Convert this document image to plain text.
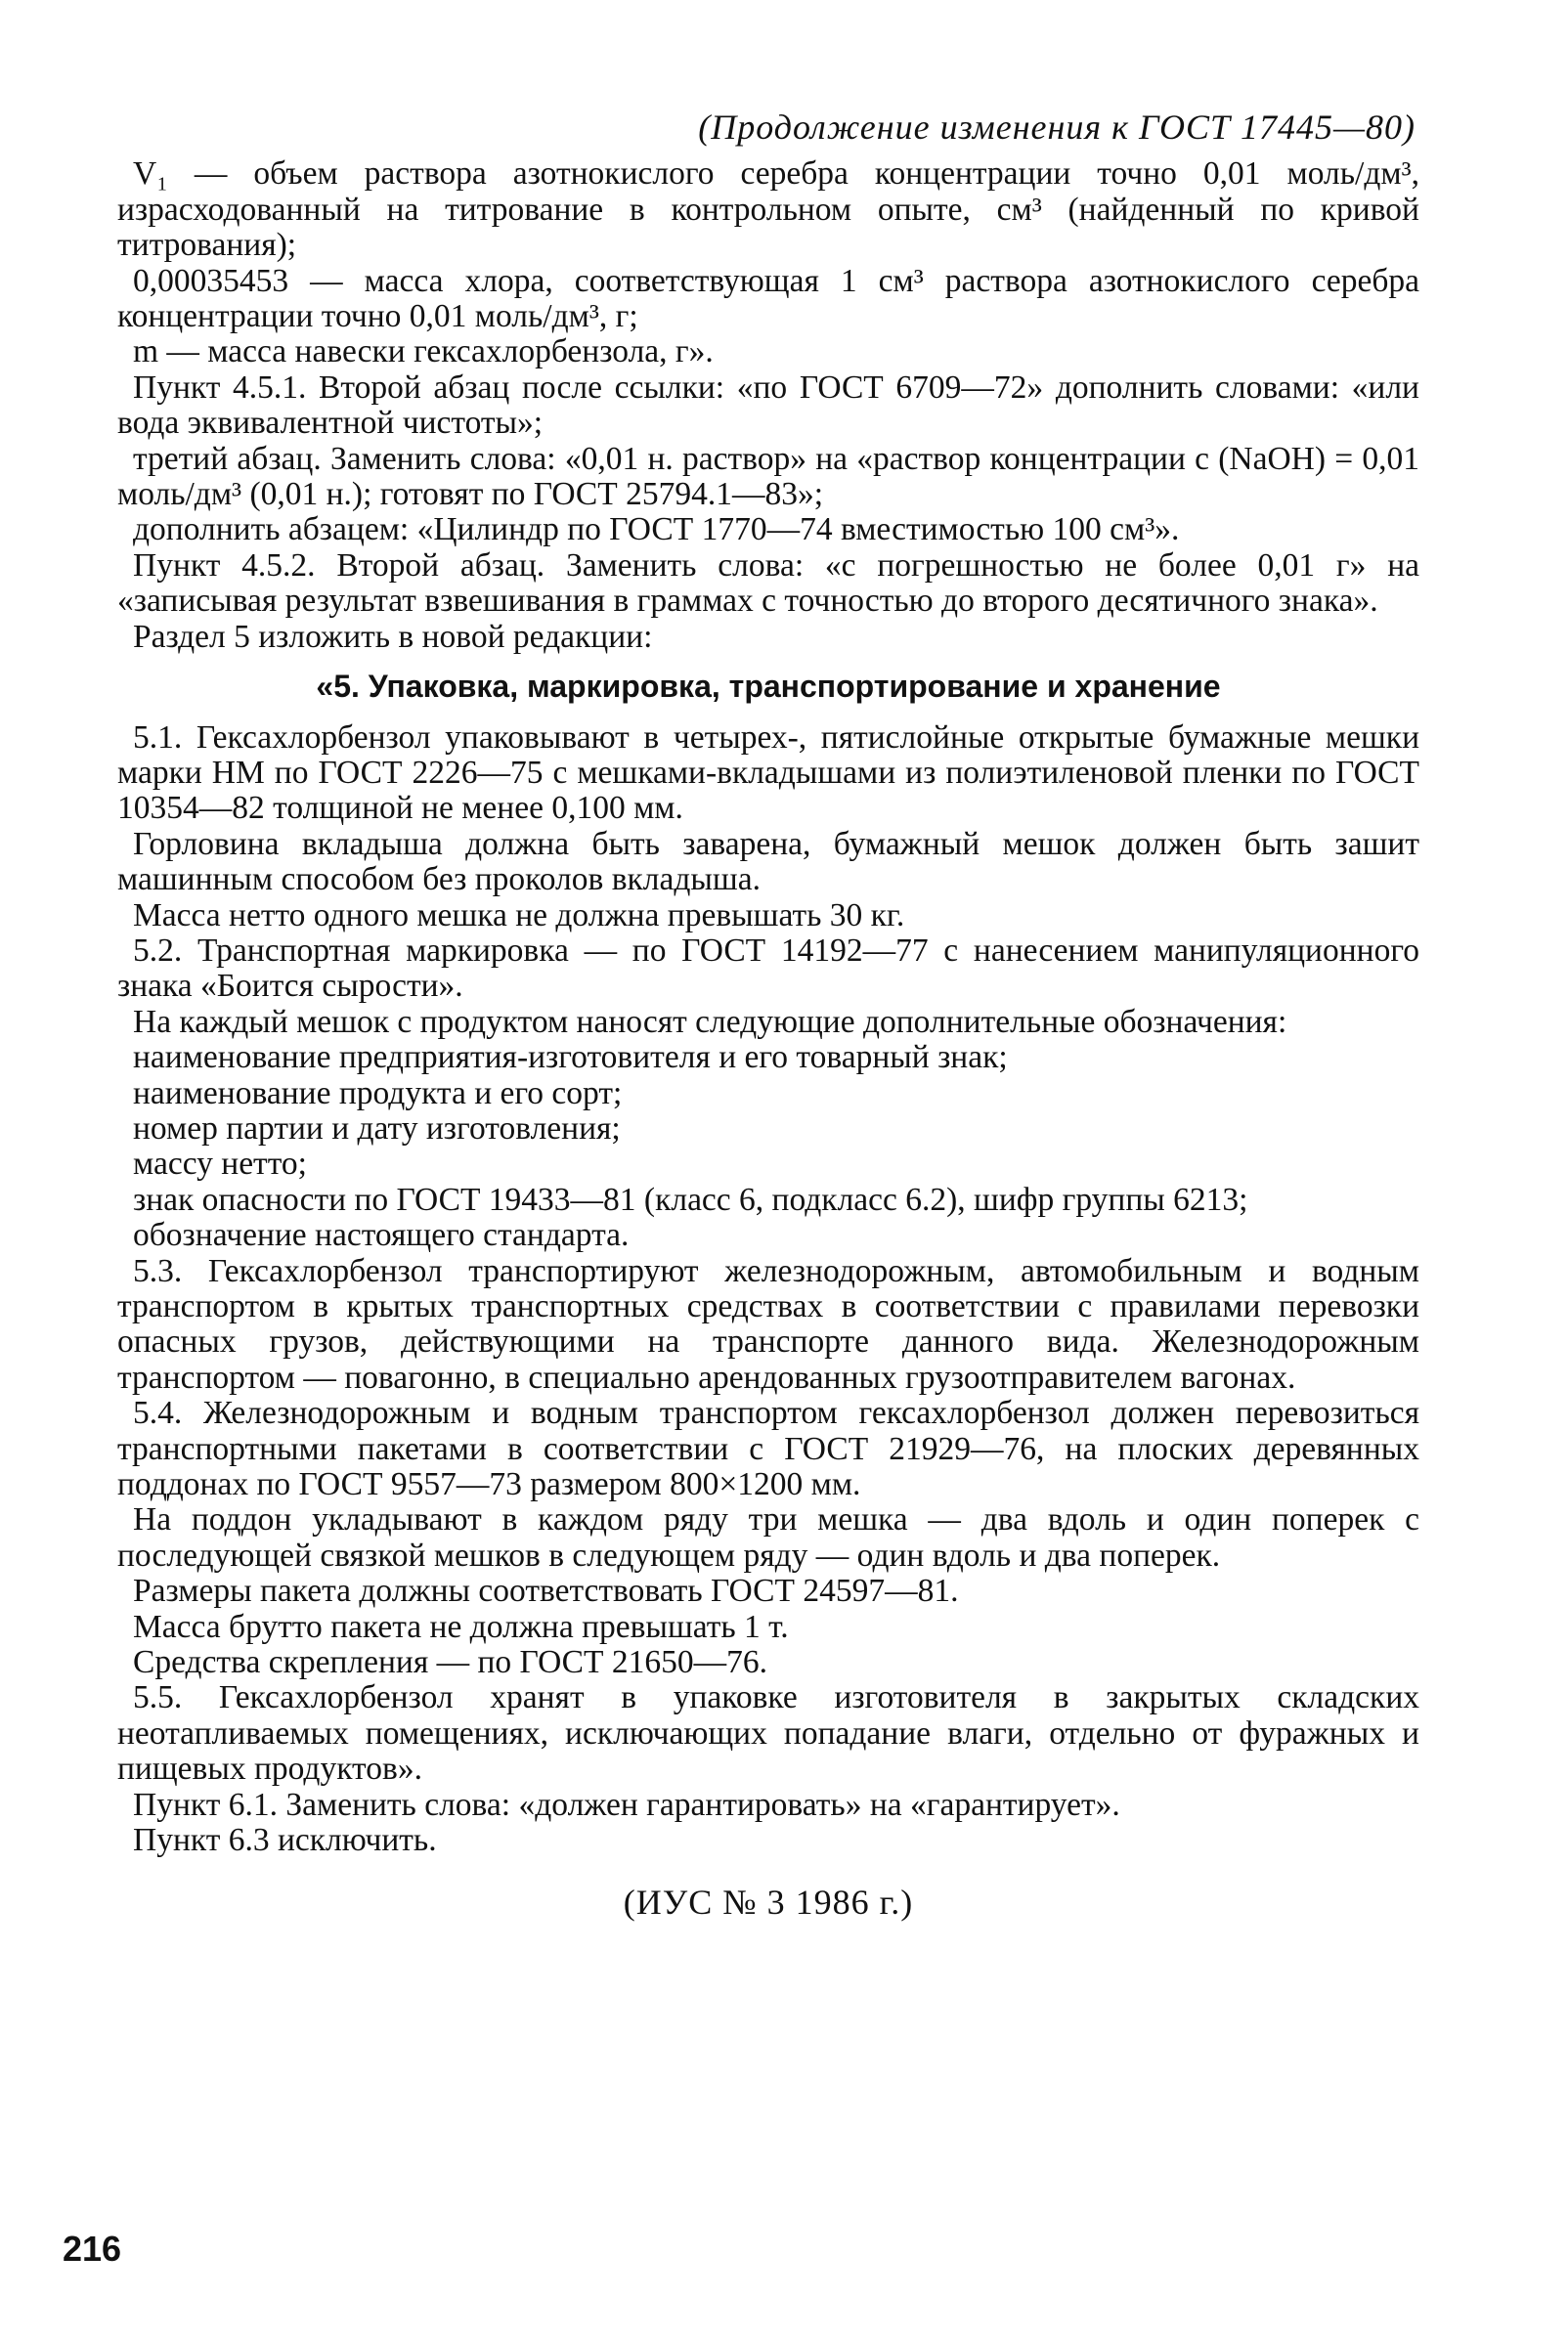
(Продолжение изменения к ГОСТ 17445—80)

V₁ — объем раствора азотнокислого серебра концентрации точно 0,01 моль/дм³, израсходованный на титрование в контрольном опыте, см³ (найденный по кривой титрования);

0,00035453 — масса хлора, соответствующая 1 см³ раствора азотнокислого серебра концентрации точно 0,01 моль/дм³, г;

m — масса навески гексахлорбензола, г».

Пункт 4.5.1. Второй абзац после ссылки: «по ГОСТ 6709—72» дополнить словами: «или вода эквивалентной чистоты»;

третий абзац. Заменить слова: «0,01 н. раствор» на «раствор концентрации с (NaOH) = 0,01 моль/дм³ (0,01 н.); готовят по ГОСТ 25794.1—83»;

дополнить абзацем: «Цилиндр по ГОСТ 1770—74 вместимостью 100 см³».

Пункт 4.5.2. Второй абзац. Заменить слова: «с погрешностью не более 0,01 г» на «записывая результат взвешивания в граммах с точностью до второго десятичного знака».

Раздел 5 изложить в новой редакции:

«5. Упаковка, маркировка, транспортирование и хранение

5.1. Гексахлорбензол упаковывают в четырех-, пятислойные открытые бумажные мешки марки НМ по ГОСТ 2226—75 с мешками-вкладышами из полиэтиленовой пленки по ГОСТ 10354—82 толщиной не менее 0,100 мм.

Горловина вкладыша должна быть заварена, бумажный мешок должен быть зашит машинным способом без проколов вкладыша.

Масса нетто одного мешка не должна превышать 30 кг.

5.2. Транспортная маркировка — по ГОСТ 14192—77 с нанесением манипуляционного знака «Боится сырости».

На каждый мешок с продуктом наносят следующие дополнительные обозначения:

наименование предприятия-изготовителя и его товарный знак;

наименование продукта и его сорт;

номер партии и дату изготовления;

массу нетто;

знак опасности по ГОСТ 19433—81 (класс 6, подкласс 6.2), шифр группы 6213;

обозначение настоящего стандарта.

5.3. Гексахлорбензол транспортируют железнодорожным, автомобильным и водным транспортом в крытых транспортных средствах в соответствии с правилами перевозки опасных грузов, действующими на транспорте данного вида. Железнодорожным транспортом — повагонно, в специально арендованных грузоотправителем вагонах.

5.4. Железнодорожным и водным транспортом гексахлорбензол должен перевозиться транспортными пакетами в соответствии с ГОСТ 21929—76, на плоских деревянных поддонах по ГОСТ 9557—73 размером 800×1200 мм.

На поддон укладывают в каждом ряду три мешка — два вдоль и один поперек с последующей связкой мешков в следующем ряду — один вдоль и два поперек.

Размеры пакета должны соответствовать ГОСТ 24597—81.

Масса брутто пакета не должна превышать 1 т.

Средства скрепления — по ГОСТ 21650—76.

5.5. Гексахлорбензол хранят в упаковке изготовителя в закрытых складских неотапливаемых помещениях, исключающих попадание влаги, отдельно от фуражных и пищевых продуктов».

Пункт 6.1. Заменить слова: «должен гарантировать» на «гарантирует».

Пункт 6.3 исключить.

(ИУС № 3 1986 г.)
216
